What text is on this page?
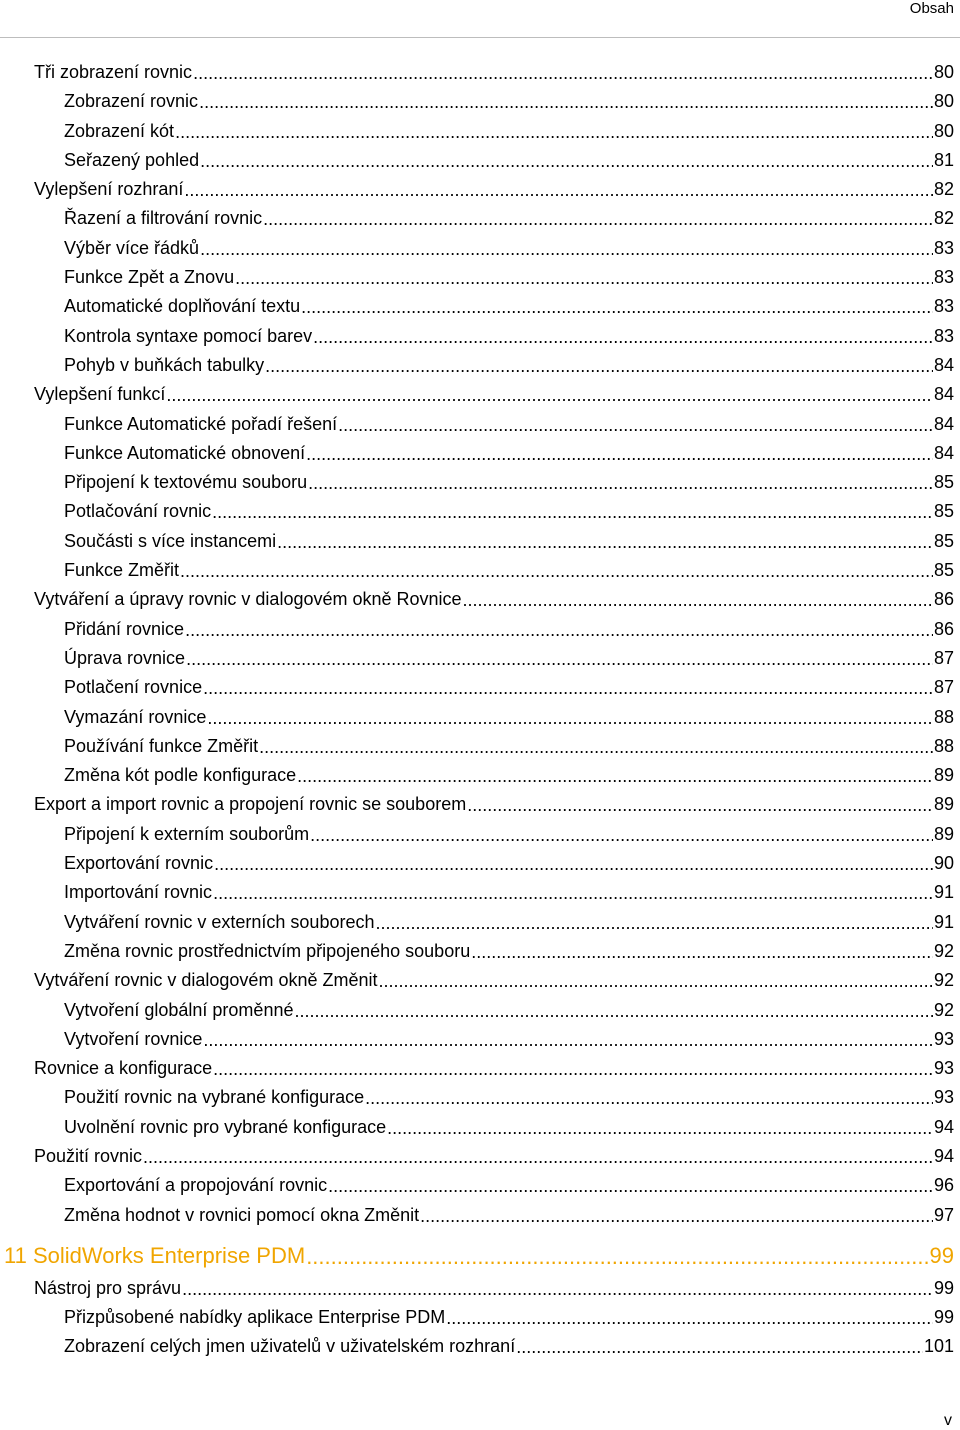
Obsah
Tři zobrazení rovnic .....	80
Zobrazení rovnic .....	80
Zobrazení kót .....	80
Seřazený pohled .....	81
Vylepšení rozhraní .....	82
Řazení a filtrování rovnic .....	82
Výběr více řádků .....	83
Funkce Zpět a Znovu .....	83
Automatické doplňování textu .....	83
Kontrola syntaxe pomocí barev .....	83
Pohyb v buňkách tabulky .....	84
Vylepšení funkcí .....	84
Funkce Automatické pořadí řešení .....	84
Funkce Automatické obnovení .....	84
Připojení k textovému souboru .....	85
Potlačování rovnic .....	85
Součásti s více instancemi .....	85
Funkce Změřit .....	85
Vytváření a úpravy rovnic v dialogovém okně Rovnice .....	86
Přidání rovnice .....	86
Úprava rovnice .....	87
Potlačení rovnice .....	87
Vymazání rovnice .....	88
Používání funkce Změřit .....	88
Změna kót podle konfigurace .....	89
Export a import rovnic a propojení rovnic se souborem .....	89
Připojení k externím souborům .....	89
Exportování rovnic .....	90
Importování rovnic .....	91
Vytváření rovnic v externích souborech .....	91
Změna rovnic prostřednictvím připojeného souboru .....	92
Vytváření rovnic v dialogovém okně Změnit .....	92
Vytvoření globální proměnné .....	92
Vytvoření rovnice .....	93
Rovnice a konfigurace .....	93
Použití rovnic na vybrané konfigurace .....	93
Uvolnění rovnic pro vybrané konfigurace .....	94
Použití rovnic .....	94
Exportování a propojování rovnic .....	96
Změna hodnot v rovnici pomocí okna Změnit .....	97
11 SolidWorks Enterprise PDM .....	99
Nástroj pro správu .....	99
Přizpůsobené nabídky aplikace Enterprise PDM .....	99
Zobrazení celých jmen uživatelů v uživatelském rozhraní .....	101
v
